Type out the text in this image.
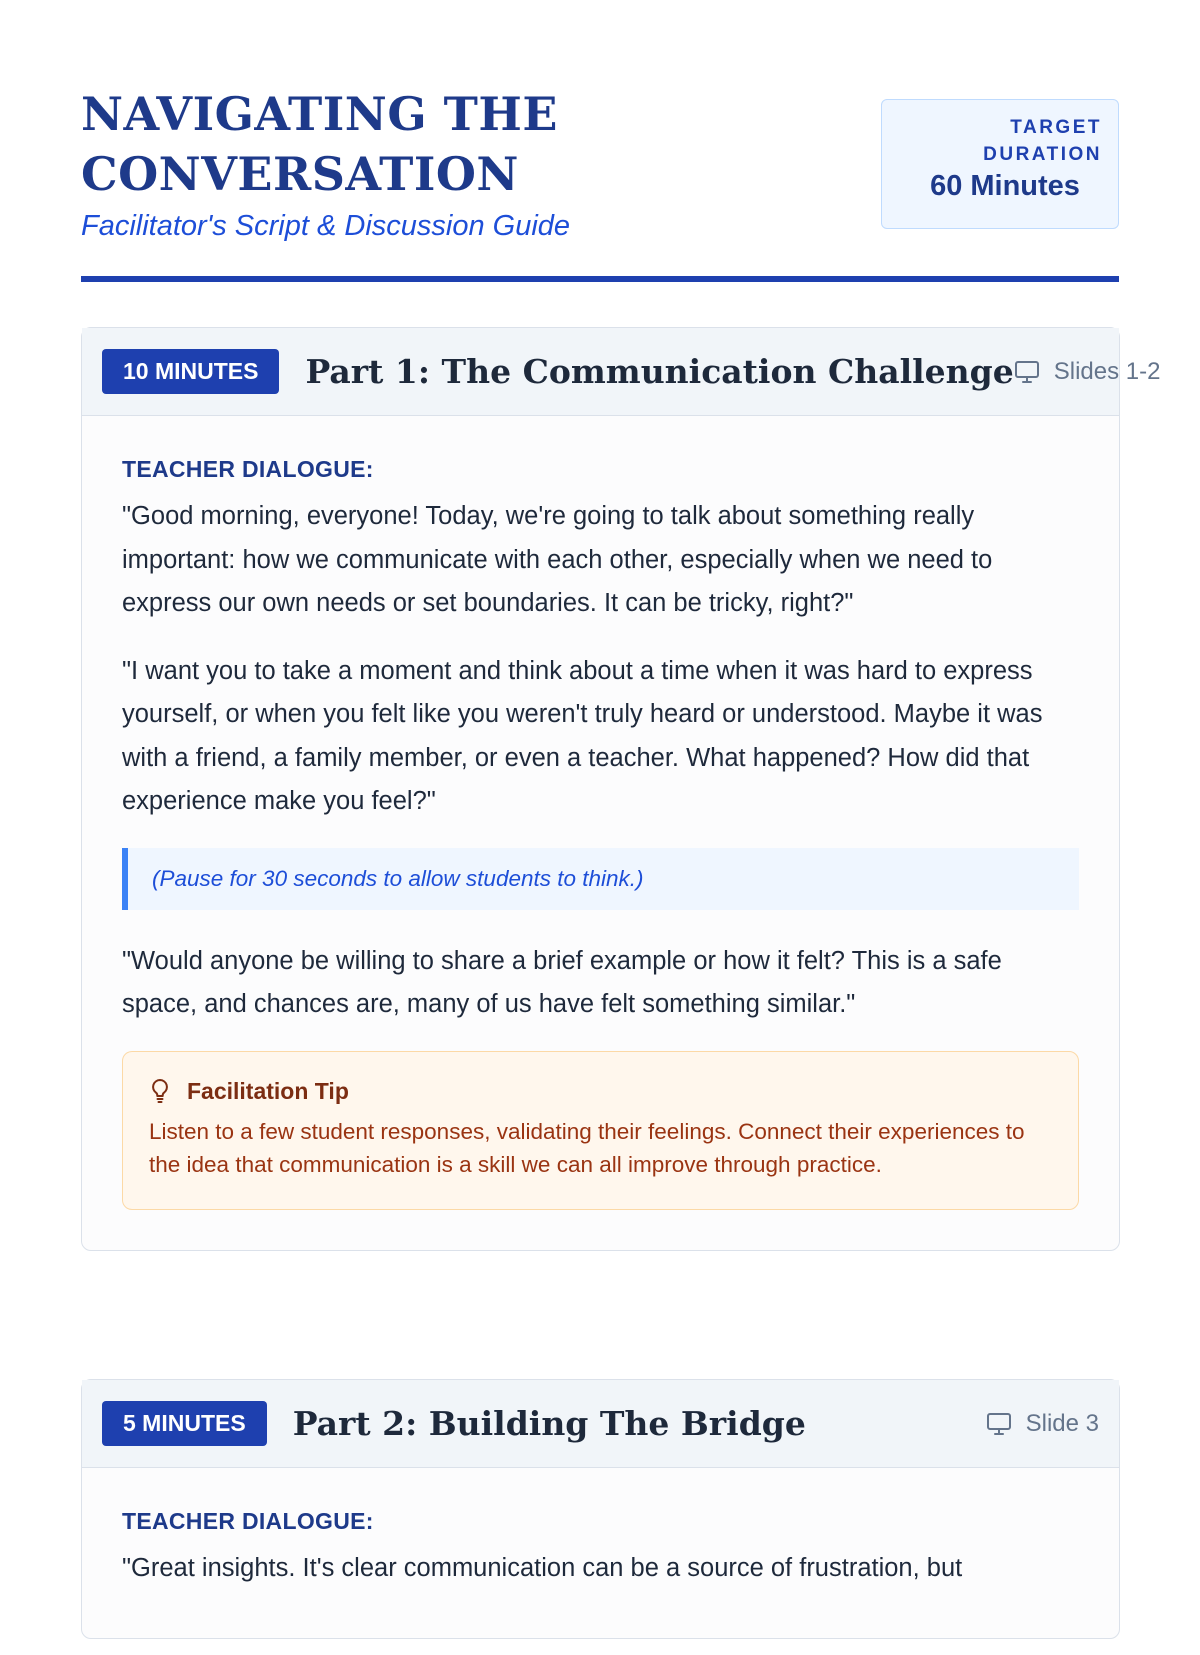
NAVIGATING THE
CONVERSATION
Facilitator's Script & Discussion Guide
TARGET DURATION
60 Minutes
10 MINUTES	Part 1: The Communication Challenge Slides 1-2
TEACHER DIALOGUE:

"Good morning, everyone! Today, we're going to talk about something really important: how we communicate with each other, especially when we need to express our own needs or set boundaries. It can be tricky, right?"

"I want you to take a moment and think about a time when it was hard to express yourself, or when you felt like you weren't truly heard or understood. Maybe it was with a friend, a family member, or even a teacher. What happened? How did that experience make you feel?"

(Pause for 30 seconds to allow students to think.)

"Would anyone be willing to share a brief example or how it felt? This is a safe space, and chances are, many of us have felt something similar."

Facilitation Tip
Listen to a few student responses, validating their feelings. Connect their experiences to the idea that communication is a skill we can all improve through practice.
5 MINUTES	Part 2: Building The Bridge	Slide 3
TEACHER DIALOGUE:

"Great insights. It's clear communication can be a source of frustration, but
